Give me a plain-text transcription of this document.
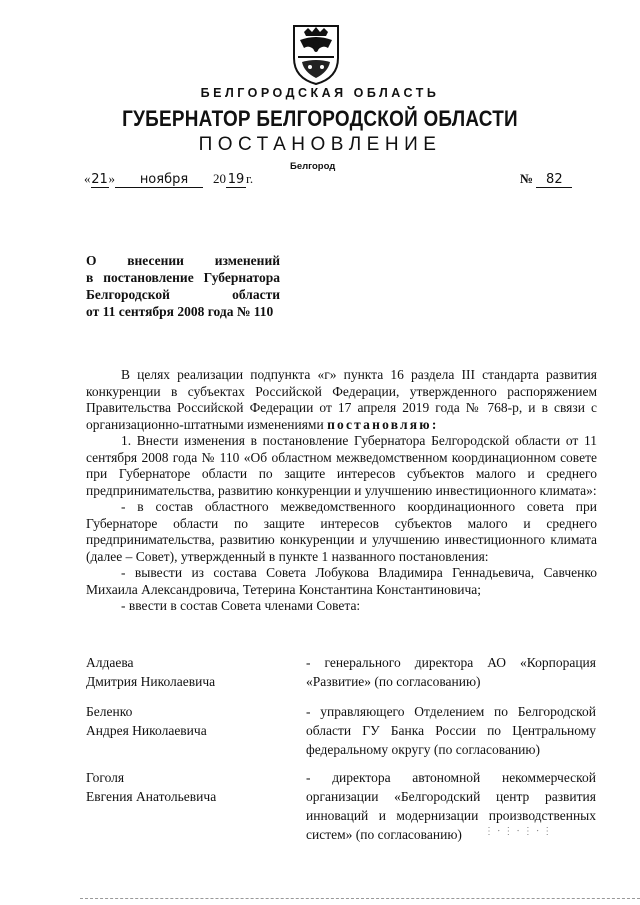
БЕЛГОРОДСКАЯ ОБЛАСТЬ
ГУБЕРНАТОР БЕЛГОРОДСКОЙ ОБЛАСТИ
ПОСТАНОВЛЕНИЕ
Белгород
«21» ноября 20 19 г.	№ 82
О внесении изменений
в постановление Губернатора
Белгородской области
от 11 сентября 2008 года № 110

В целях реализации подпункта «г» пункта 16 раздела III стандарта развития конкуренции в субъектах Российской Федерации, утвержденного распоряжением Правительства Российской Федерации от 17 апреля 2019 года № 768-р, и в связи с организационно-штатными изменениями постановляю:

1. Внести изменения в постановление Губернатора Белгородской области от 11 сентября 2008 года № 110 «Об областном межведомственном координационном совете при Губернаторе области по защите интересов субъектов малого и среднего предпринимательства, развитию конкуренции и улучшению инвестиционного климата»:

- в состав областного межведомственного координационного совета при Губернаторе области по защите интересов субъектов малого и среднего предпринимательства, развитию конкуренции и улучшению инвестиционного климата (далее – Совет), утвержденный в пункте 1 названного постановления:

- вывести из состава Совета Лобукова Владимира Геннадьевича, Савченко Михаила Александровича, Тетерина Константина Константиновича;

- ввести в состав Совета членами Совета:

Алдаева
Дмитрия Николаевича
- генерального директора АО «Корпорация «Развитие» (по согласованию)
Беленко
Андрея Николаевича
- управляющего Отделением по Белгородской области ГУ Банка России по Центральному федеральному округу (по согласованию)
Гоголя
Евгения Анатольевича
- директора автономной некоммерческой организации «Белгородский центр развития инноваций и модернизации производственных систем» (по согласованию)	⋮⋅⋮⋅⋮⋅⋮
